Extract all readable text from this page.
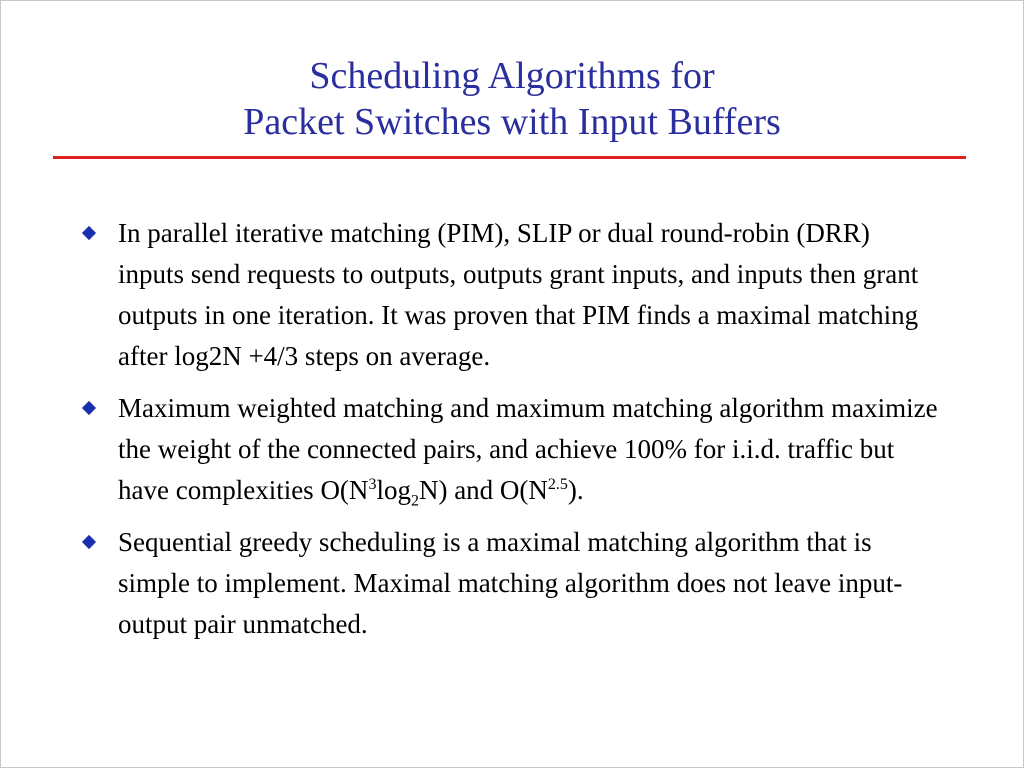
Scheduling Algorithms for
Packet Switches with Input Buffers
In parallel iterative matching (PIM), SLIP or dual round-robin (DRR) inputs send requests to outputs, outputs grant inputs, and inputs then grant outputs in one iteration. It was proven that PIM finds a maximal matching after log2N +4/3 steps on average.
Maximum weighted matching and maximum matching algorithm maximize the weight of the connected pairs, and achieve 100% for i.i.d. traffic but have complexities $O(N^3\log_2N)$ and $O(N^{2.5})$.
Sequential greedy scheduling is a maximal matching algorithm that is simple to implement. Maximal matching algorithm does not leave input-output pair unmatched.
